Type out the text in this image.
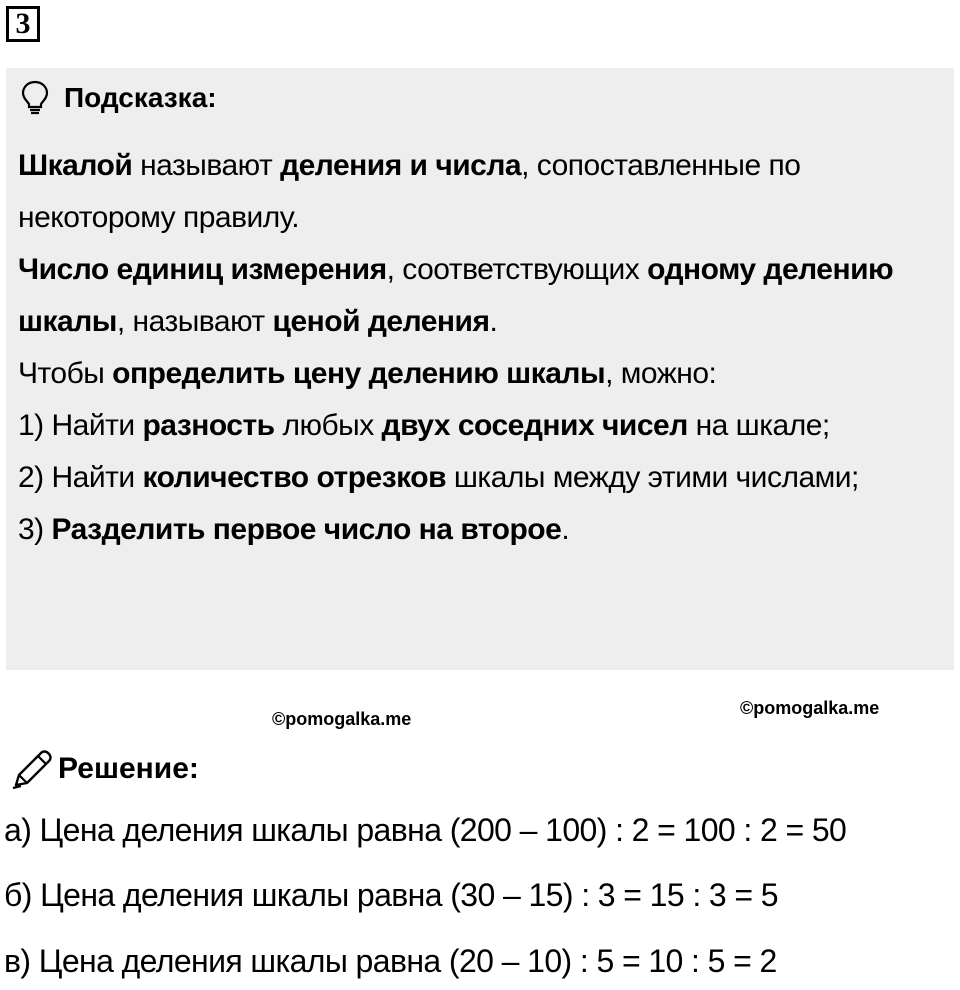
3
Подсказка:

Шкалой называют деления и числа, сопоставленные по некоторому правилу.

Число единиц измерения, соответствующих одному делению шкалы, называют ценой деления.

Чтобы определить цену делению шкалы, можно:

1) Найти разность любых двух соседних чисел на шкале;

2) Найти количество отрезков шкалы между этими числами;

3) Разделить первое число на второе.

©pomogalka.me
©pomogalka.me
Решение:
а) Цена деления шкалы равна (200 – 100) : 2 = 100 : 2 = 50
б) Цена деления шкалы равна (30 – 15) : 3 = 15 : 3 = 5
в) Цена деления шкалы равна (20 – 10) : 5 = 10 : 5 = 2
